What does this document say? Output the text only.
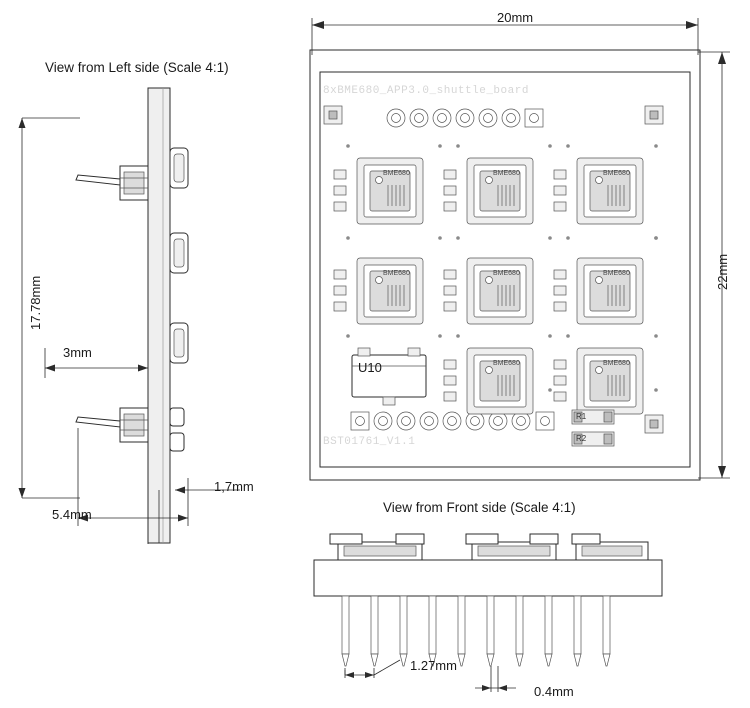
View from Left side (Scale 4:1)
17.78mm
3mm
1,7mm
5.4mm
20mm
22mm
8xBME680_APP3.0_shuttle_board
BST01761_V1.1
U10
R1
R2
BME680	BME680	BME680
BME680	BME680	BME680
BME680	BME680
View from Front side (Scale 4:1)
1.27mm
0.4mm
